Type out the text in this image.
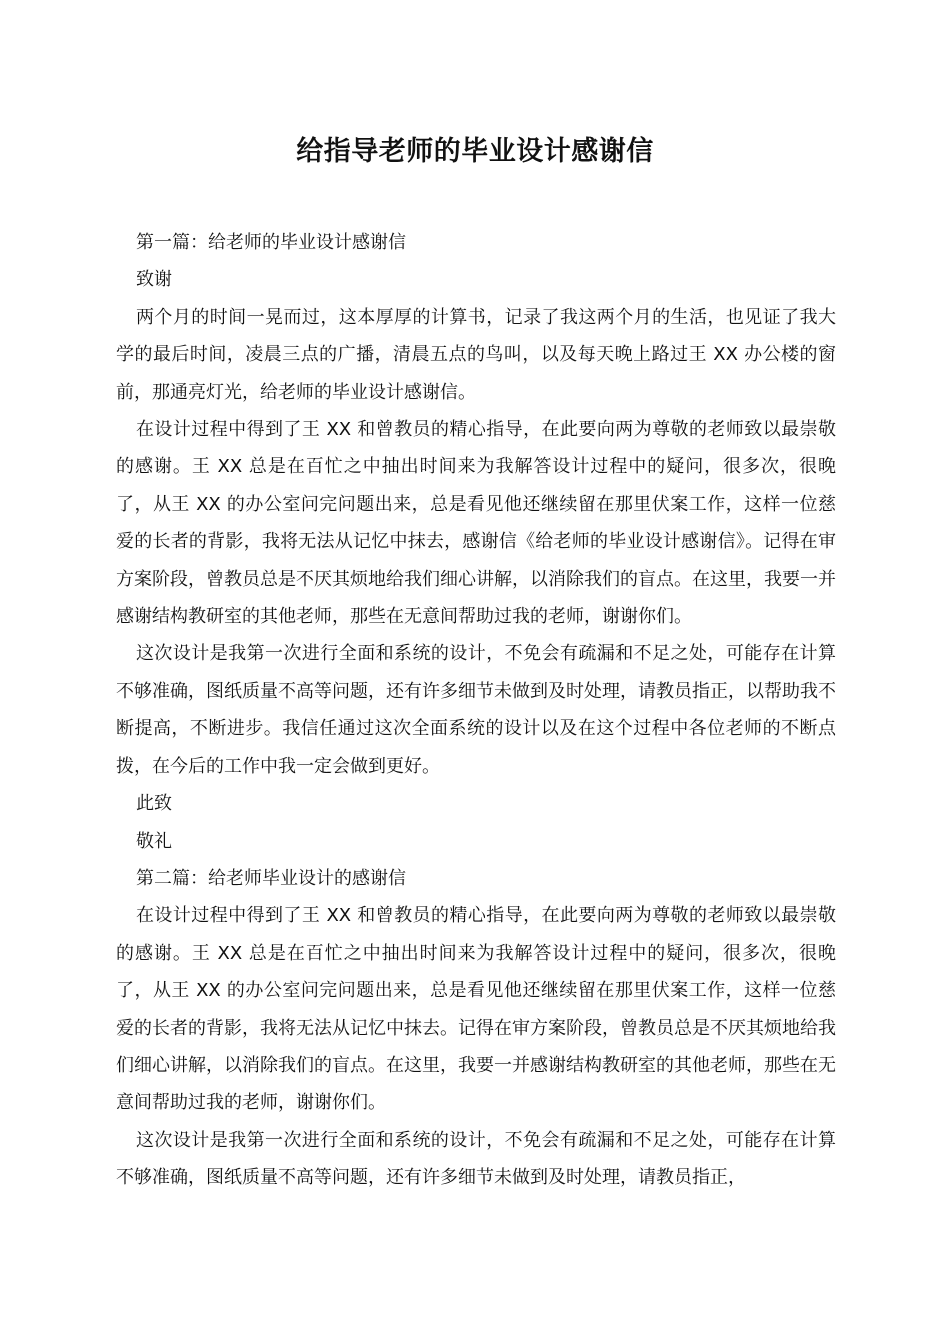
给指导老师的毕业设计感谢信

第一篇：给老师的毕业设计感谢信

致谢

两个月的时间一晃而过，这本厚厚的计算书，记录了我这两个月的生活，也见证了我大学的最后时间，凌晨三点的广播，清晨五点的鸟叫，以及每天晚上路过王 XX 办公楼的窗前，那通亮灯光，给老师的毕业设计感谢信。

在设计过程中得到了王 XX 和曾教员的精心指导，在此要向两为尊敬的老师致以最崇敬的感谢。王 XX 总是在百忙之中抽出时间来为我解答设计过程中的疑问，很多次，很晚了，从王 XX 的办公室问完问题出来，总是看见他还继续留在那里伏案工作，这样一位慈爱的长者的背影，我将无法从记忆中抹去，感谢信《给老师的毕业设计感谢信》。记得在审方案阶段，曾教员总是不厌其烦地给我们细心讲解，以消除我们的盲点。在这里，我要一并感谢结构教研室的其他老师，那些在无意间帮助过我的老师，谢谢你们。

这次设计是我第一次进行全面和系统的设计，不免会有疏漏和不足之处，可能存在计算不够准确，图纸质量不高等问题，还有许多细节未做到及时处理，请教员指正，以帮助我不断提高，不断进步。我信任通过这次全面系统的设计以及在这个过程中各位老师的不断点拨，在今后的工作中我一定会做到更好。

此致

敬礼

第二篇：给老师毕业设计的感谢信

在设计过程中得到了王 XX 和曾教员的精心指导，在此要向两为尊敬的老师致以最崇敬的感谢。王 XX 总是在百忙之中抽出时间来为我解答设计过程中的疑问，很多次，很晚了，从王 XX 的办公室问完问题出来，总是看见他还继续留在那里伏案工作，这样一位慈爱的长者的背影，我将无法从记忆中抹去。记得在审方案阶段，曾教员总是不厌其烦地给我们细心讲解，以消除我们的盲点。在这里，我要一并感谢结构教研室的其他老师，那些在无意间帮助过我的老师，谢谢你们。

这次设计是我第一次进行全面和系统的设计，不免会有疏漏和不足之处，可能存在计算不够准确，图纸质量不高等问题，还有许多细节未做到及时处理，请教员指正，
